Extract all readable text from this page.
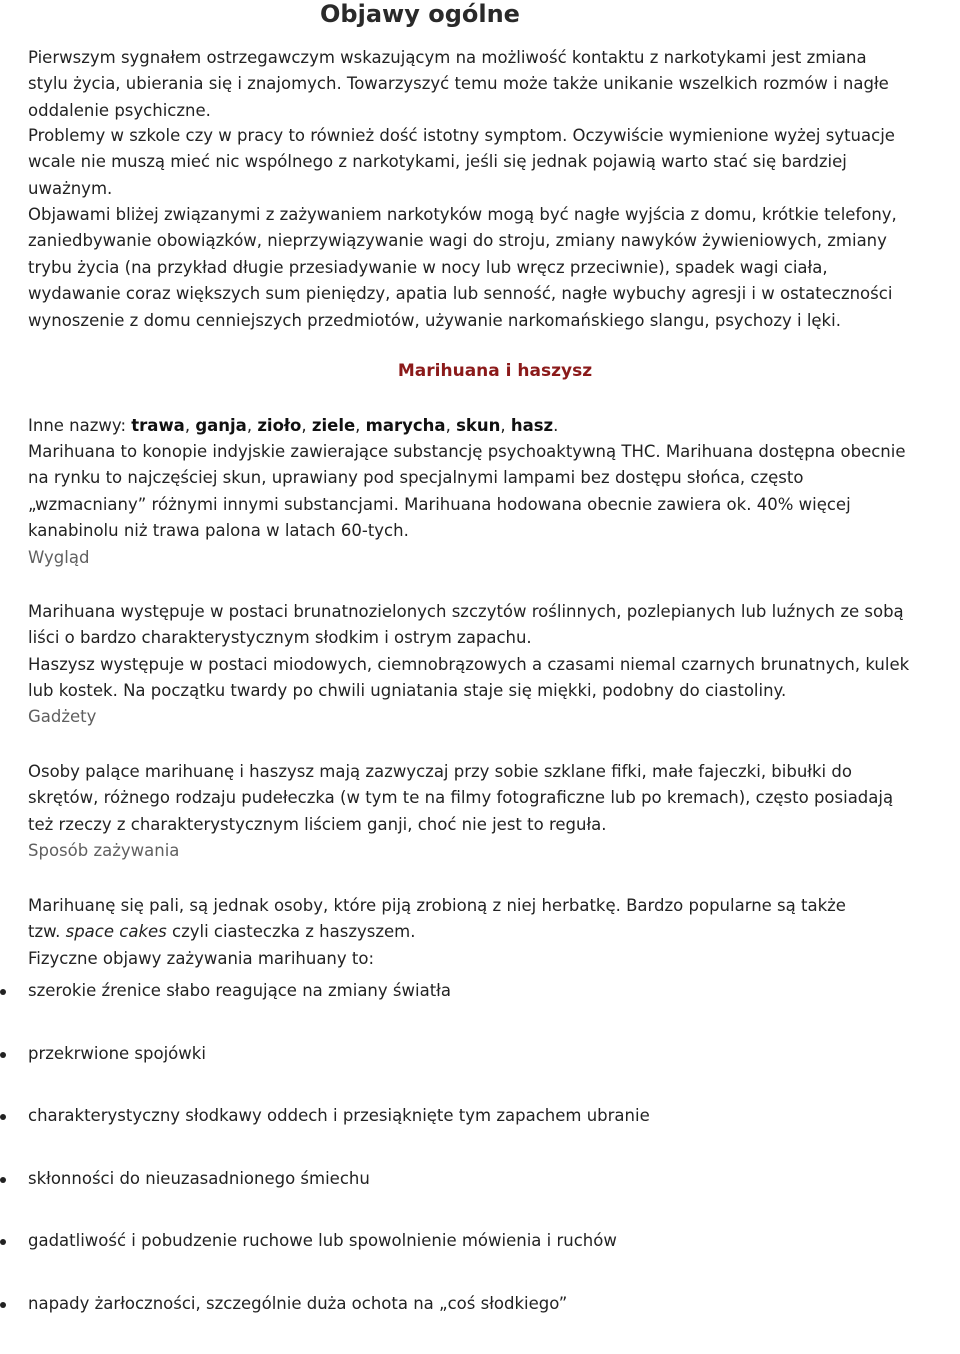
Objawy ogólne
Pierwszym sygnałem ostrzegawczym wskazującym na możliwość kontaktu z narkotykami jest zmiana
stylu życia, ubierania się i znajomych. Towarzyszyć temu może także unikanie wszelkich rozmów i nagłe
oddalenie psychiczne.
Problemy w szkole czy w pracy to również dość istotny symptom. Oczywiście wymienione wyżej sytuacje
wcale nie muszą mieć nic wspólnego z narkotykami, jeśli się jednak pojawią warto stać się bardziej
uważnym.
Objawami bliżej związanymi z zażywaniem narkotyków mogą być nagłe wyjścia z domu, krótkie telefony,
zaniedbywanie obowiązków, nieprzywiązywanie wagi do stroju, zmiany nawyków żywieniowych, zmiany
trybu życia (na przykład długie przesiadywanie w nocy lub wręcz przeciwnie), spadek wagi ciała,
wydawanie coraz większych sum pieniędzy, apatia lub senność, nagłe wybuchy agresji i w ostateczności
wynoszenie z domu cenniejszych przedmiotów, używanie narkomańskiego slangu, psychozy i lęki.
Marihuana i haszysz
Inne nazwy: trawa, ganja, zioło, ziele, marycha, skun, hasz.
Marihuana to konopie indyjskie zawierające substancję psychoaktywną THC. Marihuana dostępna obecnie
na rynku to najczęściej skun, uprawiany pod specjalnymi lampami bez dostępu słońca, często
„wzmacniany” różnymi innymi substancjami. Marihuana hodowana obecnie zawiera ok. 40% więcej
kanabinolu niż trawa palona w latach 60-tych.
Wygląd
Marihuana występuje w postaci brunatnozielonych szczytów roślinnych, pozlepianych lub luźnych ze sobą
liści o bardzo charakterystycznym słodkim i ostrym zapachu.
Haszysz występuje w postaci miodowych, ciemnobrązowych a czasami niemal czarnych brunatnych, kulek
lub kostek. Na początku twardy po chwili ugniatania staje się miękki, podobny do ciastoliny.
Gadżety
Osoby palące marihuanę i haszysz mają zazwyczaj przy sobie szklane fifki, małe fajeczki, bibułki do
skrętów, różnego rodzaju pudełeczka (w tym te na filmy fotograficzne lub po kremach), często posiadają
też rzeczy z charakterystycznym liściem ganji, choć nie jest to reguła.
Sposób zażywania
Marihuanę się pali, są jednak osoby, które piją zrobioną z niej herbatkę. Bardzo popularne są także
tzw. space cakes czyli ciasteczka z haszyszem.
Fizyczne objawy zażywania marihuany to:
szerokie źrenice słabo reagujące na zmiany światła
przekrwione spojówki
charakterystyczny słodkawy oddech i przesiąknięte tym zapachem ubranie
skłonności do nieuzasadnionego śmiechu
gadatliwość i pobudzenie ruchowe lub spowolnienie mówienia i ruchów
napady żarłoczności, szczególnie duża ochota na „coś słodkiego”
